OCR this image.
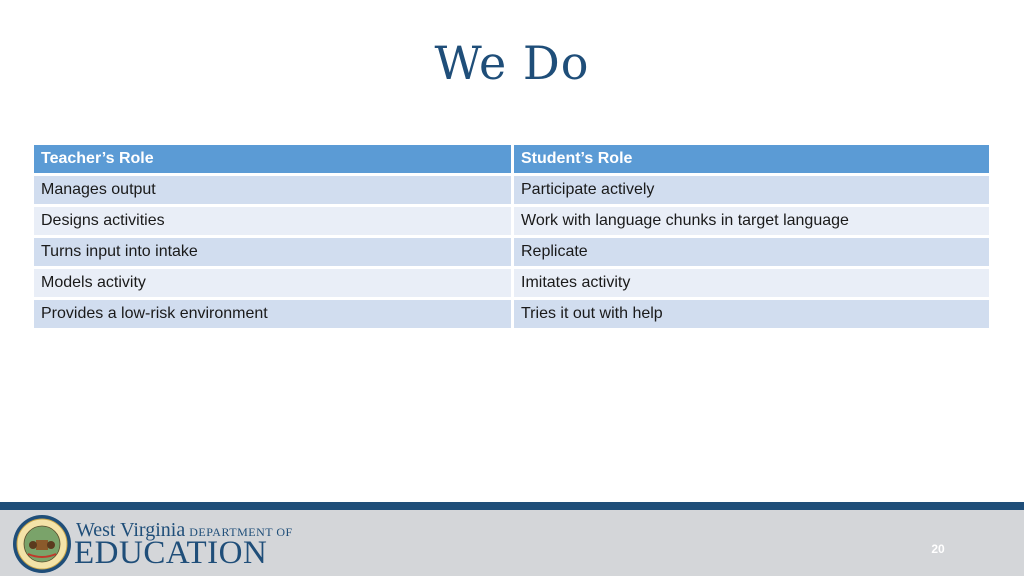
We Do
Teacher’s Role	Student’s Role
Manages output	Participate actively
Designs activities	Work with language chunks in target language
Turns input into intake	Replicate
Models activity	Imitates activity
Provides a low-risk environment	Tries it out with help
West Virginia DEPARTMENT OF
EDUCATION	20
